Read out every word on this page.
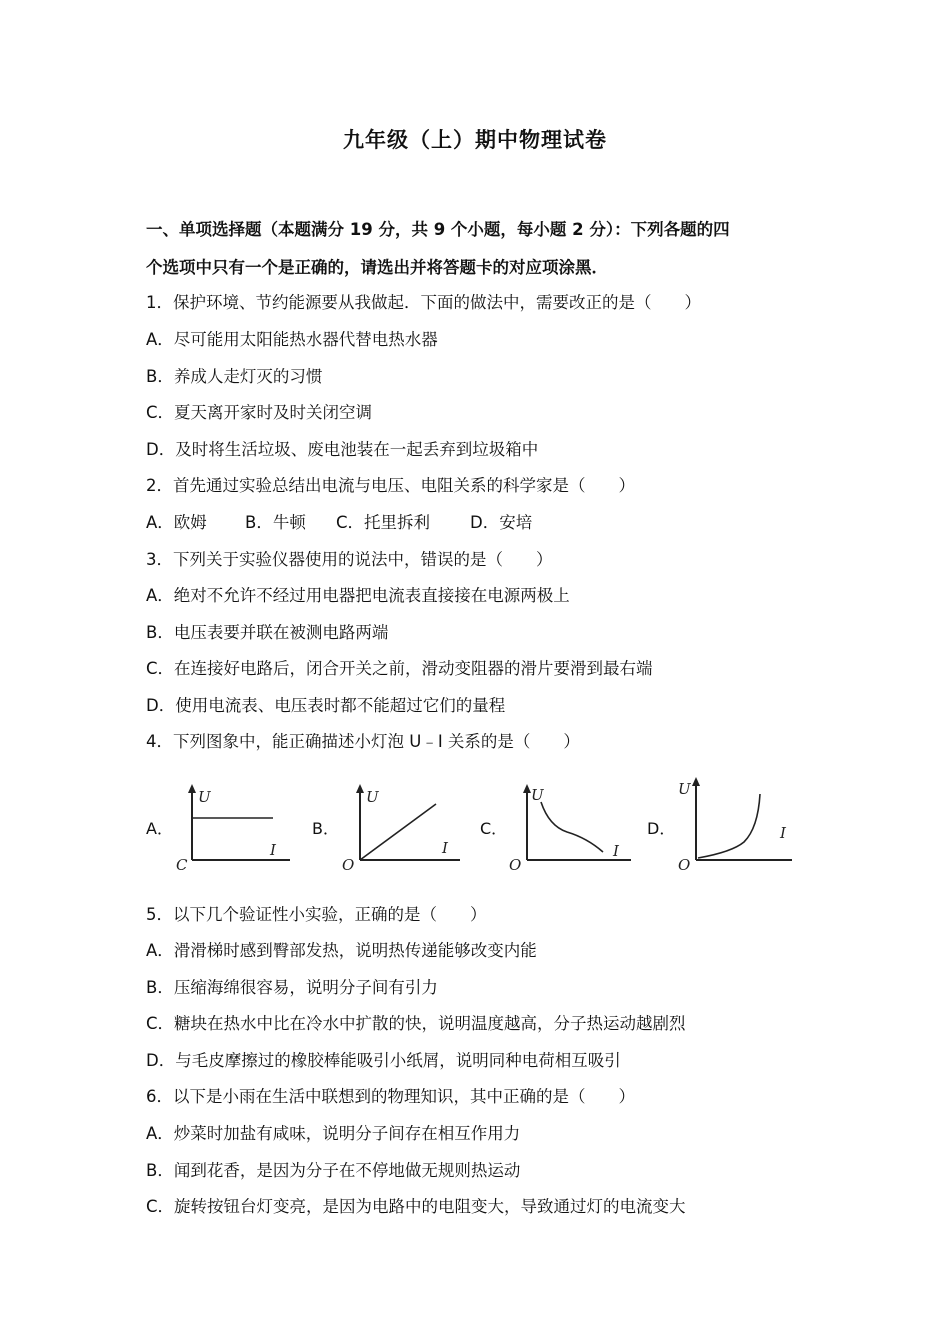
九年级（上）期中物理试卷
一、单项选择题（本题满分 19 分，共 9 个小题，每小题 2 分）：下列各题的四
个选项中只有一个是正确的，请选出并将答题卡的对应项涂黑．
1．保护环境、节约能源要从我做起．下面的做法中，需要改正的是（　　）
A．尽可能用太阳能热水器代替电热水器
B．养成人走灯灭的习惯
C．夏天离开家时及时关闭空调
D．及时将生活垃圾、废电池装在一起丢弃到垃圾箱中
2．首先通过实验总结出电流与电压、电阻关系的科学家是（　　）
A．欧姆 B．牛顿 C．托里拆利 D．安培
3．下列关于实验仪器使用的说法中，错误的是（　　）
A．绝对不允许不经过用电器把电流表直接接在电源两极上
B．电压表要并联在被测电路两端
C．在连接好电路后，闭合开关之前，滑动变阻器的滑片要滑到最右端
D．使用电流表、电压表时都不能超过它们的量程
4．下列图象中，能正确描述小灯泡 U﹣I 关系的是（　　）
A．
U
I
C
B．
U
I
O
C．
U
I
O
D．
U
I
O
5．以下几个验证性小实验，正确的是（　　）
A．滑滑梯时感到臀部发热，说明热传递能够改变内能
B．压缩海绵很容易，说明分子间有引力
C．糖块在热水中比在冷水中扩散的快，说明温度越高，分子热运动越剧烈
D．与毛皮摩擦过的橡胶棒能吸引小纸屑，说明同种电荷相互吸引
6．以下是小雨在生活中联想到的物理知识，其中正确的是（　　）
A．炒菜时加盐有咸味，说明分子间存在相互作用力
B．闻到花香，是因为分子在不停地做无规则热运动
C．旋转按钮台灯变亮，是因为电路中的电阻变大，导致通过灯的电流变大
